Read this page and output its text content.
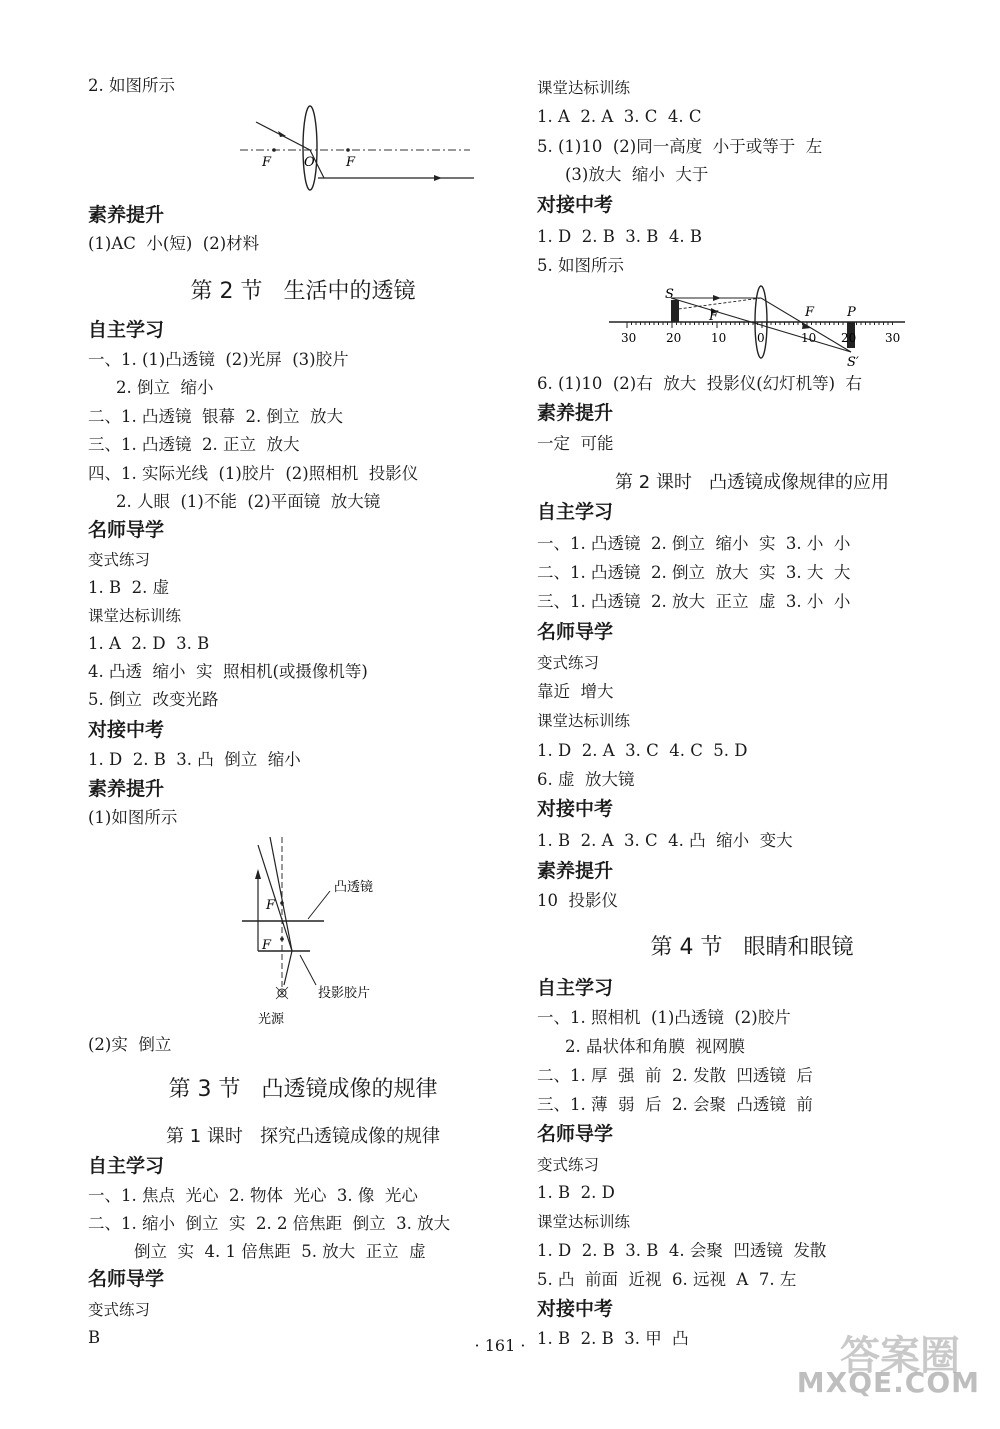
2. 如图所示
F	O F
素养提升
(1)AC  小(短)  (2)材料
第 2 节   生活中的透镜
自主学习
一、1. (1)凸透镜  (2)光屏  (3)胶片
2. 倒立  缩小
二、1. 凸透镜  银幕  2. 倒立  放大
三、1. 凸透镜  2. 正立  放大
四、1. 实际光线  (1)胶片  (2)照相机  投影仪
2. 人眼  (1)不能  (2)平面镜  放大镜
名师导学
变式练习
1. B  2. 虚
课堂达标训练
1. A  2. D  3. B
4. 凸透  缩小  实  照相机(或摄像机等)
5. 倒立  改变光路
对接中考
1. D  2. B  3. 凸  倒立  缩小
素养提升
(1)如图所示
F
F
凸透镜
投影胶片
光源
(2)实  倒立
第 3 节   凸透镜成像的规律
第 1 课时   探究凸透镜成像的规律
自主学习
一、1. 焦点  光心  2. 物体  光心  3. 像  光心
二、1. 缩小  倒立  实  2. 2 倍焦距  倒立  3. 放大
倒立  实  4. 1 倍焦距  5. 放大  正立  虚
名师导学
变式练习
B
课堂达标训练
1. A  2. A  3. C  4. C
5. (1)10  (2)同一高度  小于或等于  左
(3)放大  缩小  大于
对接中考
1. D  2. B  3. B  4. B
5. 如图所示
S
S′
P
F
F
30 20 10	0	10 20 30
6. (1)10  (2)右  放大  投影仪(幻灯机等)  右
素养提升
一定  可能
第 2 课时   凸透镜成像规律的应用
自主学习
一、1. 凸透镜  2. 倒立  缩小  实  3. 小  小
二、1. 凸透镜  2. 倒立  放大  实  3. 大  大
三、1. 凸透镜  2. 放大  正立  虚  3. 小  小
名师导学
变式练习
靠近  增大
课堂达标训练
1. D  2. A  3. C  4. C  5. D
6. 虚  放大镜
对接中考
1. B  2. A  3. C  4. 凸  缩小  变大
素养提升
10  投影仪
第 4 节   眼睛和眼镜
自主学习
一、1. 照相机  (1)凸透镜  (2)胶片
2. 晶状体和角膜  视网膜
二、1. 厚  强  前  2. 发散  凹透镜  后
三、1. 薄  弱  后  2. 会聚  凸透镜  前
名师导学
变式练习
1. B  2. D
课堂达标训练
1. D  2. B  3. B  4. 会聚  凹透镜  发散
5. 凸  前面  近视  6. 远视  A  7. 左
对接中考
1. B  2. B  3. 甲  凸
· 161 ·	答案圈
MXQE.COM
